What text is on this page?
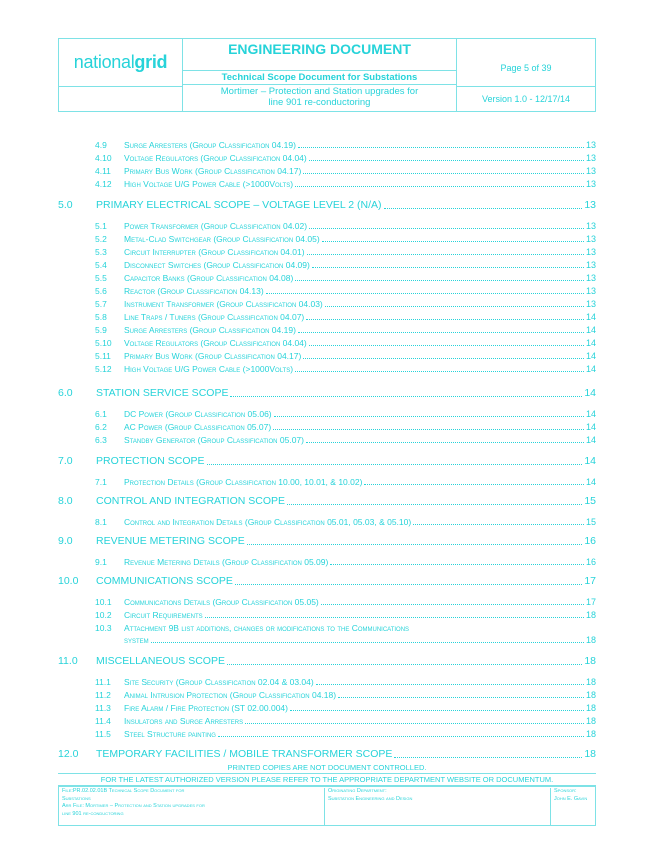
national grid
ENGINEERING DOCUMENT
Technical Scope Document for Substations
Mortimer – Protection and Station upgrades for
line 901 re-conductoring
Page 5 of 39
Version 1.0 - 12/17/14
4.9	Surge Arresters (Group Classification 04.19)	13
4.10	Voltage Regulators (Group Classification 04.04)	13
4.11	Primary Bus Work (Group Classification 04.17)	13
4.12	High Voltage U/G Power Cable (>1000Volts)	13
5.0	PRIMARY ELECTRICAL SCOPE – VOLTAGE LEVEL 2 (N/A)	13
5.1	Power Transformer (Group Classification 04.02)	13
5.2	Metal-Clad Switchgear (Group Classification 04.05)	13
5.3	Circuit Interrupter (Group Classification 04.01)	13
5.4	Disconnect Switches (Group Classification 04.09)	13
5.5	Capacitor Banks (Group Classification 04.08)	13
5.6	Reactor (Group Classification 04.13)	13
5.7	Instrument Transformer (Group Classification 04.03)	13
5.8	Line Traps / Tuners (Group Classification 04.07)	14
5.9	Surge Arresters (Group Classification 04.19)	14
5.10	Voltage Regulators (Group Classification 04.04)	14
5.11	Primary Bus Work (Group Classification 04.17)	14
5.12	High Voltage U/G Power Cable (>1000Volts)	14
6.0	STATION SERVICE SCOPE	14
6.1	DC Power (Group Classification 05.06)	14
6.2	AC Power (Group Classification 05.07)	14
6.3	Standby Generator (Group Classification 05.07)	14
7.0	PROTECTION SCOPE	14
7.1	Protection Details (Group Classification 10.00, 10.01, & 10.02)	14
8.0	CONTROL AND INTEGRATION SCOPE	15
8.1	Control and Integration Details (Group Classification 05.01, 05.03, & 05.10)	15
9.0	REVENUE METERING SCOPE	16
9.1	Revenue Metering Details (Group Classification 05.09)	16
10.0	COMMUNICATIONS SCOPE	17
10.1	Communications Details (Group Classification 05.05)	17
10.2	Circuit Requirements	18
10.3 Attachment 9B list additions, changes or modifications to the Communications
system	18
11.0	MISCELLANEOUS SCOPE	18
11.1	Site Security (Group Classification 02.04 & 03.04)	18
11.2	Animal Intrusion Protection (Group Classification 04.18)	18
11.3	Fire Alarm / Fire Protection (ST 02.00.004)	18
11.4	Insulators and Surge Arresters	18
11.5	Steel Structure painting	18
12.0	TEMPORARY FACILITIES / MOBILE TRANSFORMER SCOPE	18
PRINTED COPIES ARE NOT DOCUMENT CONTROLLED.
FOR THE LATEST AUTHORIZED VERSION PLEASE REFER TO THE APPROPRIATE DEPARTMENT WEBSITE OR DOCUMENTUM.
File:PR.02.02.01B Technical Scope Document for
Substations
Arr File: Mortimer – Protection and Station upgrades for
line 901 re-conductoring
Originating Department:
Substation Engineering and Design
Sponsor:
John E. Gavin
